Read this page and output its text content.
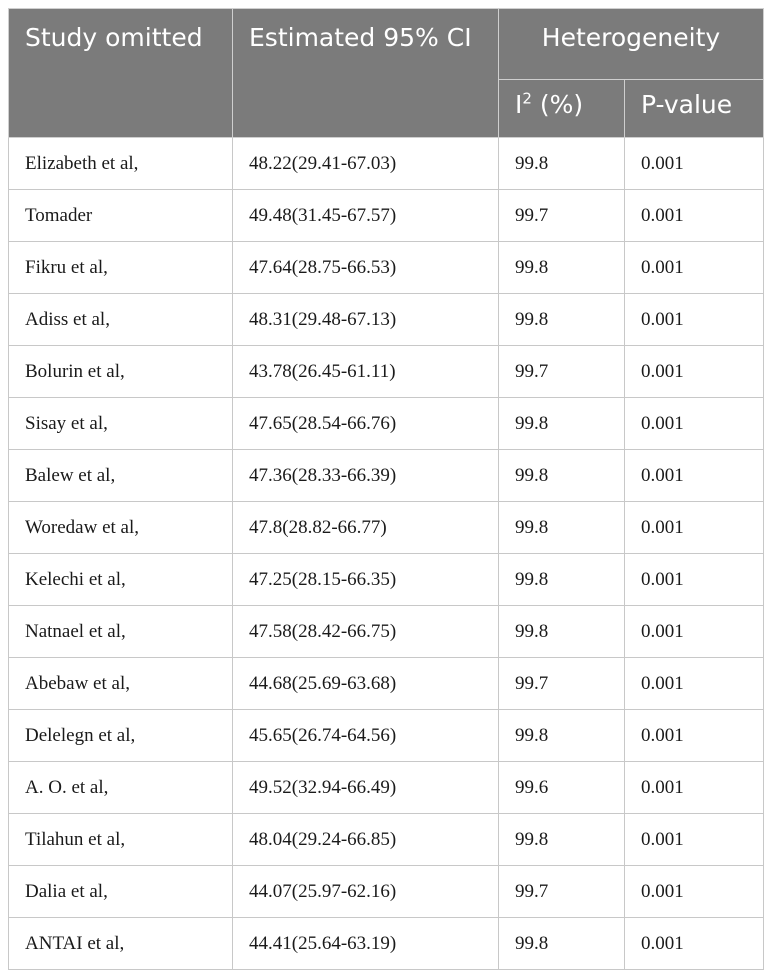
Study omitted	Estimated 95% CI	Heterogeneity	
		$I^2$ (%)	P-value
Elizabeth et al,	48.22(29.41-67.03)	99.8	0.001
Tomader	49.48(31.45-67.57)	99.7	0.001
Fikru et al,	47.64(28.75-66.53)	99.8	0.001
Adiss et al,	48.31(29.48-67.13)	99.8	0.001
Bolurin et al,	43.78(26.45-61.11)	99.7	0.001
Sisay et al,	47.65(28.54-66.76)	99.8	0.001
Balew et al,	47.36(28.33-66.39)	99.8	0.001
Woredaw et al,	47.8(28.82-66.77)	99.8	0.001
Kelechi et al,	47.25(28.15-66.35)	99.8	0.001
Natnael et al,	47.58(28.42-66.75)	99.8	0.001
Abebaw et al,	44.68(25.69-63.68)	99.7	0.001
Delelegn et al,	45.65(26.74-64.56)	99.8	0.001
A. O. et al,	49.52(32.94-66.49)	99.6	0.001
Tilahun et al,	48.04(29.24-66.85)	99.8	0.001
Dalia et al,	44.07(25.97-62.16)	99.7	0.001
ANTAI et al,	44.41(25.64-63.19)	99.8	0.001
